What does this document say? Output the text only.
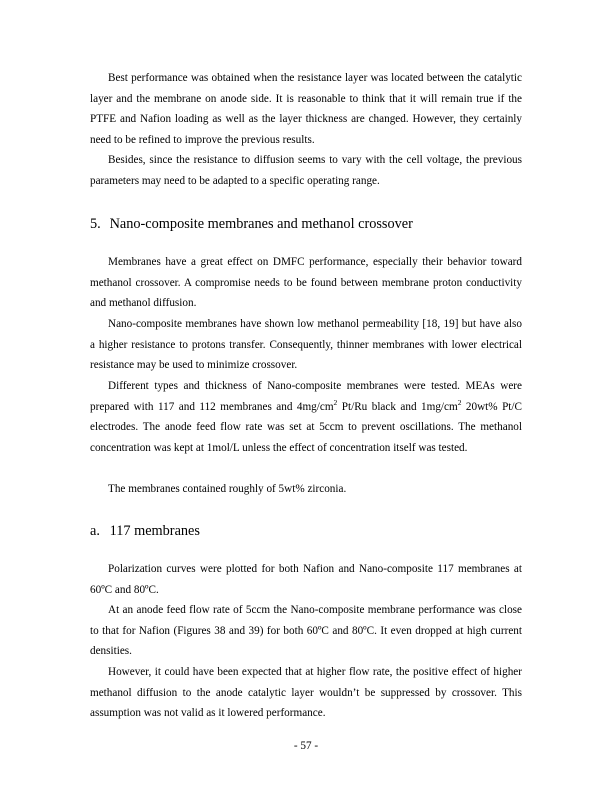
Best performance was obtained when the resistance layer was located between the catalytic layer and the membrane on anode side. It is reasonable to think that it will remain true if the PTFE and Nafion loading as well as the layer thickness are changed. However, they certainly need to be refined to improve the previous results.

Besides, since the resistance to diffusion seems to vary with the cell voltage, the previous parameters may need to be adapted to a specific operating range.

5. Nano-composite membranes and methanol crossover

Membranes have a great effect on DMFC performance, especially their behavior toward methanol crossover. A compromise needs to be found between membrane proton conductivity and methanol diffusion.

Nano-composite membranes have shown low methanol permeability [18, 19] but have also a higher resistance to protons transfer. Consequently, thinner membranes with lower electrical resistance may be used to minimize crossover.

Different types and thickness of Nano-composite membranes were tested. MEAs were prepared with 117 and 112 membranes and $4mg/cm^2$ Pt/Ru black and $1mg/cm^2$ 20wt% Pt/C electrodes. The anode feed flow rate was set at 5ccm to prevent oscillations. The methanol concentration was kept at 1mol/L unless the effect of concentration itself was tested.

The membranes contained roughly of 5wt% zirconia.

a. 117 membranes

Polarization curves were plotted for both Nafion and Nano-composite 117 membranes at 60ºC and 80ºC.

At an anode feed flow rate of 5ccm the Nano-composite membrane performance was close to that for Nafion (Figures 38 and 39) for both 60ºC and 80ºC. It even dropped at high current densities.

However, it could have been expected that at higher flow rate, the positive effect of higher methanol diffusion to the anode catalytic layer wouldn’t be suppressed by crossover. This assumption was not valid as it lowered performance.

- 57 -
